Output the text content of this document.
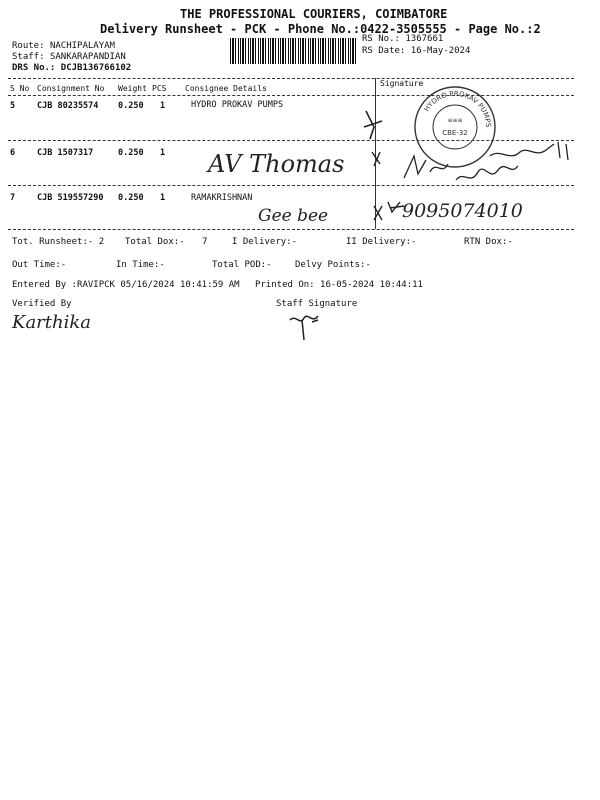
THE PROFESSIONAL COURIERS, COIMBATORE
Delivery Runsheet - PCK - Phone No.:0422-3505555 - Page No.:2
Route: NACHIPALAYAM
Staff: SANKARAPANDIAN
DRS No.: DCJB136766102
RS No.: 1367661
RS Date: 16-May-2024
S No Consignment No Weight PCS Consignee Details
Signature
5	CJB 80235574 0.250 1	HYDRO PROKAV PUMPS
6	CJB 1507317	0.250 1
7	CJB 519557290 0.250 1	RAMAKRISHNAN
AV Thomas
Gee bee	9095074010
HYDRO PROKAV PUMPS
≡≡≡
CBE-32
Tot. Runsheet:- 2 Total Dox:- 7	I Delivery:-	II Delivery:-	RTN Dox:-
Out Time:-	In Time:-	Total POD:-	Delvy Points:-
Entered By :RAVIPCK 05/16/2024 10:41:59 AM Printed On: 16-05-2024 10:44:11
Verified By	Staff Signature
Karthika
